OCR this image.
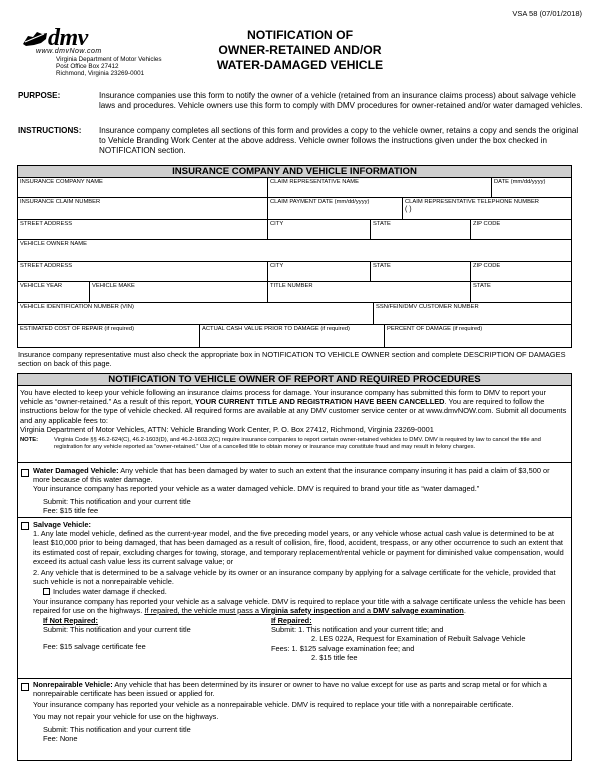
VSA 58 (07/01/2018)
dmv
www.dmvNow.com
Virginia Department of Motor Vehicles
Post Office Box 27412
Richmond, Virginia 23269-0001
NOTIFICATION OF
OWNER-RETAINED AND/OR
WATER-DAMAGED VEHICLE
PURPOSE:	Insurance companies use this form to notify the owner of a vehicle (retained from an insurance claims process) about salvage vehicle laws and procedures. Vehicle owners use this form to comply with DMV procedures for owner-retained and/or water damaged vehicles.
INSTRUCTIONS:	Insurance company completes all sections of this form and provides a copy to the vehicle owner, retains a copy and sends the original to Vehicle Branding Work Center at the above address. Vehicle owner follows the instructions given under the box checked in NOTIFICATION section.
INSURANCE COMPANY AND VEHICLE INFORMATION
INSURANCE COMPANY NAME	CLAIM REPRESENTATIVE NAME	DATE (mm/dd/yyyy)
INSURANCE CLAIM NUMBER	CLAIM PAYMENT DATE (mm/dd/yyyy)	CLAIM REPRESENTATIVE TELEPHONE NUMBER
( )
STREET ADDRESS	CITY	STATE	ZIP CODE
VEHICLE OWNER NAME
STREET ADDRESS	CITY	STATE	ZIP CODE
VEHICLE YEAR	VEHICLE MAKE	TITLE NUMBER	STATE
VEHICLE IDENTIFICATION NUMBER (VIN)	SSN/FEIN/DMV CUSTOMER NUMBER
ESTIMATED COST OF REPAIR (if required)	ACTUAL CASH VALUE PRIOR TO DAMAGE (if required)	PERCENT OF DAMAGE (if required)
Insurance company representative must also check the appropriate box in NOTIFICATION TO VEHICLE OWNER section and complete DESCRIPTION OF DAMAGES section on back of this page.
NOTIFICATION TO VEHICLE OWNER OF REPORT AND REQUIRED PROCEDURES
You have elected to keep your vehicle following an insurance claims process for damage. Your insurance company has submitted this form to DMV to report your vehicle as “owner-retained.” As a result of this report, YOUR CURRENT TITLE AND REGISTRATION HAVE BEEN CANCELLED. You are required to follow the instructions below for the type of vehicle checked. All required forms are available at any DMV customer service center or at www.dmvNOW.com. Submit all documents and any applicable fees to:
Virginia Department of Motor Vehicles, ATTN: Vehicle Branding Work Center, P. O. Box 27412, Richmond, Virginia 23269-0001
NOTE:	Virginia Code §§ 46.2-624(C), 46.2-1603(D), and 46.2-1603.2(C) require insurance companies to report certain owner-retained vehicles to DMV. DMV is required by law to cancel the title and registration for any vehicle reported as “owner-retained.” Use of a cancelled title to obtain money or insurance may constitute fraud and may result in felony charges.
Water Damaged Vehicle: Any vehicle that has been damaged by water to such an extent that the insurance company insuring it has paid a claim of $3,500 or more because of this water damage.
Your insurance company has reported your vehicle as a water damaged vehicle. DMV is required to brand your title as “water damaged.”
Submit: This notification and your current title
Fee: $15 title fee
Salvage Vehicle:
1. Any late model vehicle, defined as the current-year model, and the five preceding model years, or any vehicle whose actual cash value is determined to be at least $10,000 prior to being damaged, that has been damaged as a result of collision, fire, flood, accident, trespass, or any other occurrence to such an extent that its estimated cost of repair, excluding charges for towing, storage, and temporary replacement/rental vehicle or payment for diminished value compensation, would exceed its actual cash value less its current salvage value; or
2. Any vehicle that is determined to be a salvage vehicle by its owner or an insurance company by applying for a salvage certificate for the vehicle, provided that such vehicle is not a nonrepairable vehicle.
Includes water damage if checked.
Your insurance company has reported your vehicle as a salvage vehicle. DMV is required to replace your title with a salvage certificate unless the vehicle has been repaired for use on the highways. If repaired, the vehicle must pass a Virginia safety inspection and a DMV salvage examination.
If Not Repaired:
Submit: This notification and your current title
Fee: $15 salvage certificate fee
If Repaired:
Submit: 1. This notification and your current title; and
2. LES 022A, Request for Examination of Rebuilt Salvage Vehicle
Fees: 1. $125 salvage examination fee; and
2. $15 title fee
Nonrepairable Vehicle: Any vehicle that has been determined by its insurer or owner to have no value except for use as parts and scrap metal or for which a nonrepairable certificate has been issued or applied for.
Your insurance company has reported your vehicle as a nonrepairable vehicle. DMV is required to replace your title with a nonrepairable certificate.
You may not repair your vehicle for use on the highways.
Submit: This notification and your current title
Fee: None
